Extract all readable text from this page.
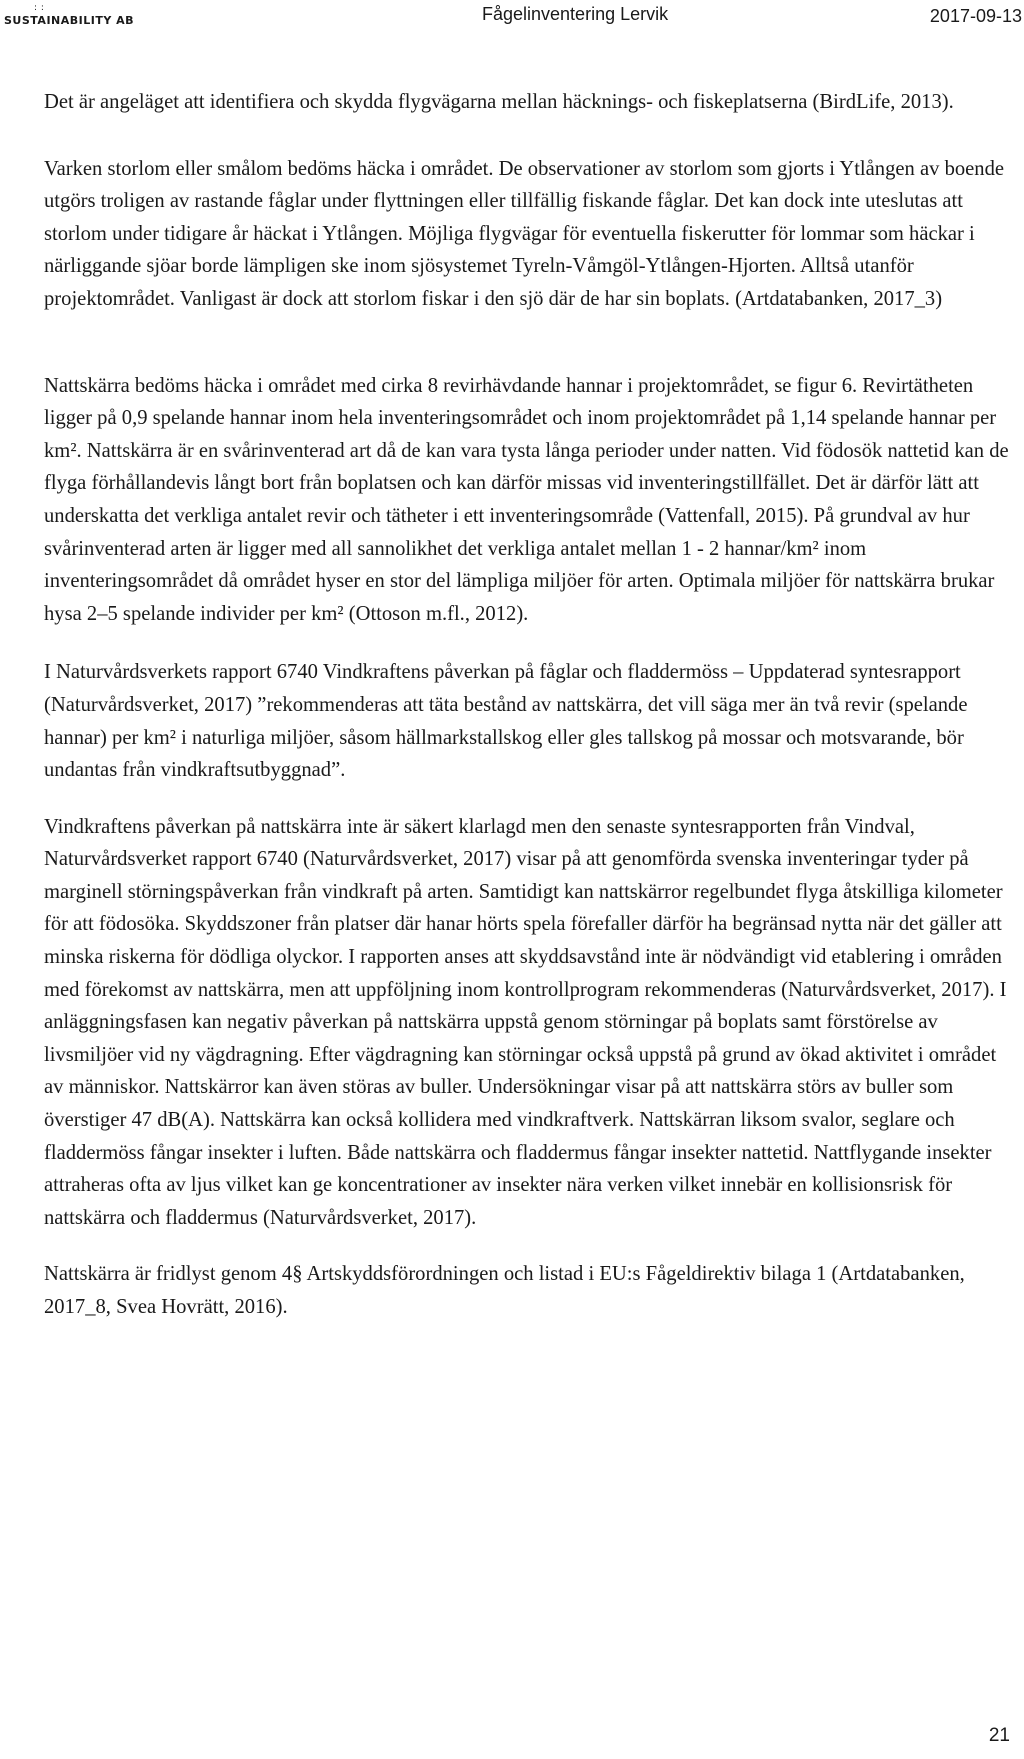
: :
SUSTAINABILITY AB	Fågelinventering Lervik	2017-09-13

Det är angeläget att identifiera och skydda flygvägarna mellan häcknings- och fiskeplatserna (BirdLife, 2013).

Varken storlom eller smålom bedöms häcka i området. De observationer av storlom som gjorts i Ytlången av boende utgörs troligen av rastande fåglar under flyttningen eller tillfällig fiskande fåglar. Det kan dock inte uteslutas att storlom under tidigare år häckat i Ytlången. Möjliga flygvägar för eventuella fiskerutter för lommar som häckar i närliggande sjöar borde lämpligen ske inom sjösystemet Tyreln-Våmgöl-Ytlången-Hjorten. Alltså utanför projektområdet. Vanligast är dock att storlom fiskar i den sjö där de har sin boplats. (Artdatabanken, 2017_3)

Nattskärra bedöms häcka i området med cirka 8 revirhävdande hannar i projektområdet, se figur 6. Revirtätheten ligger på 0,9 spelande hannar inom hela inventeringsområdet och inom projektområdet på 1,14 spelande hannar per km². Nattskärra är en svårinventerad art då de kan vara tysta långa perioder under natten. Vid födosök nattetid kan de flyga förhållandevis långt bort från boplatsen och kan därför missas vid inventeringstillfället. Det är därför lätt att underskatta det verkliga antalet revir och tätheter i ett inventeringsområde (Vattenfall, 2015). På grundval av hur svårinventerad arten är ligger med all sannolikhet det verkliga antalet mellan 1 - 2 hannar/km² inom inventeringsområdet då området hyser en stor del lämpliga miljöer för arten. Optimala miljöer för nattskärra brukar hysa 2–5 spelande individer per km² (Ottoson m.fl., 2012).

I Naturvårdsverkets rapport 6740 Vindkraftens påverkan på fåglar och fladdermöss – Uppdaterad syntesrapport (Naturvårdsverket, 2017) ”rekommenderas att täta bestånd av nattskärra, det vill säga mer än två revir (spelande hannar) per km² i naturliga miljöer, såsom hällmarkstallskog eller gles tallskog på mossar och motsvarande, bör undantas från vindkraftsutbyggnad”.

Vindkraftens påverkan på nattskärra inte är säkert klarlagd men den senaste syntesrapporten från Vindval, Naturvårdsverket rapport 6740 (Naturvårdsverket, 2017) visar på att genomförda svenska inventeringar tyder på marginell störningspåverkan från vindkraft på arten. Samtidigt kan nattskärror regelbundet flyga åtskilliga kilometer för att födosöka. Skyddszoner från platser där hanar hörts spela förefaller därför ha begränsad nytta när det gäller att minska riskerna för dödliga olyckor. I rapporten anses att skyddsavstånd inte är nödvändigt vid etablering i områden med förekomst av nattskärra, men att uppföljning inom kontrollprogram rekommenderas (Naturvårdsverket, 2017). I anläggningsfasen kan negativ påverkan på nattskärra uppstå genom störningar på boplats samt förstörelse av livsmiljöer vid ny vägdragning. Efter vägdragning kan störningar också uppstå på grund av ökad aktivitet i området av människor. Nattskärror kan även störas av buller. Undersökningar visar på att nattskärra störs av buller som överstiger 47 dB(A). Nattskärra kan också kollidera med vindkraftverk. Nattskärran liksom svalor, seglare och fladdermöss fångar insekter i luften. Både nattskärra och fladdermus fångar insekter nattetid. Nattflygande insekter attraheras ofta av ljus vilket kan ge koncentrationer av insekter nära verken vilket innebär en kollisionsrisk för nattskärra och fladdermus (Naturvårdsverket, 2017).

Nattskärra är fridlyst genom 4§ Artskyddsförordningen och listad i EU:s Fågeldirektiv bilaga 1 (Artdatabanken, 2017_8, Svea Hovrätt, 2016).

21
